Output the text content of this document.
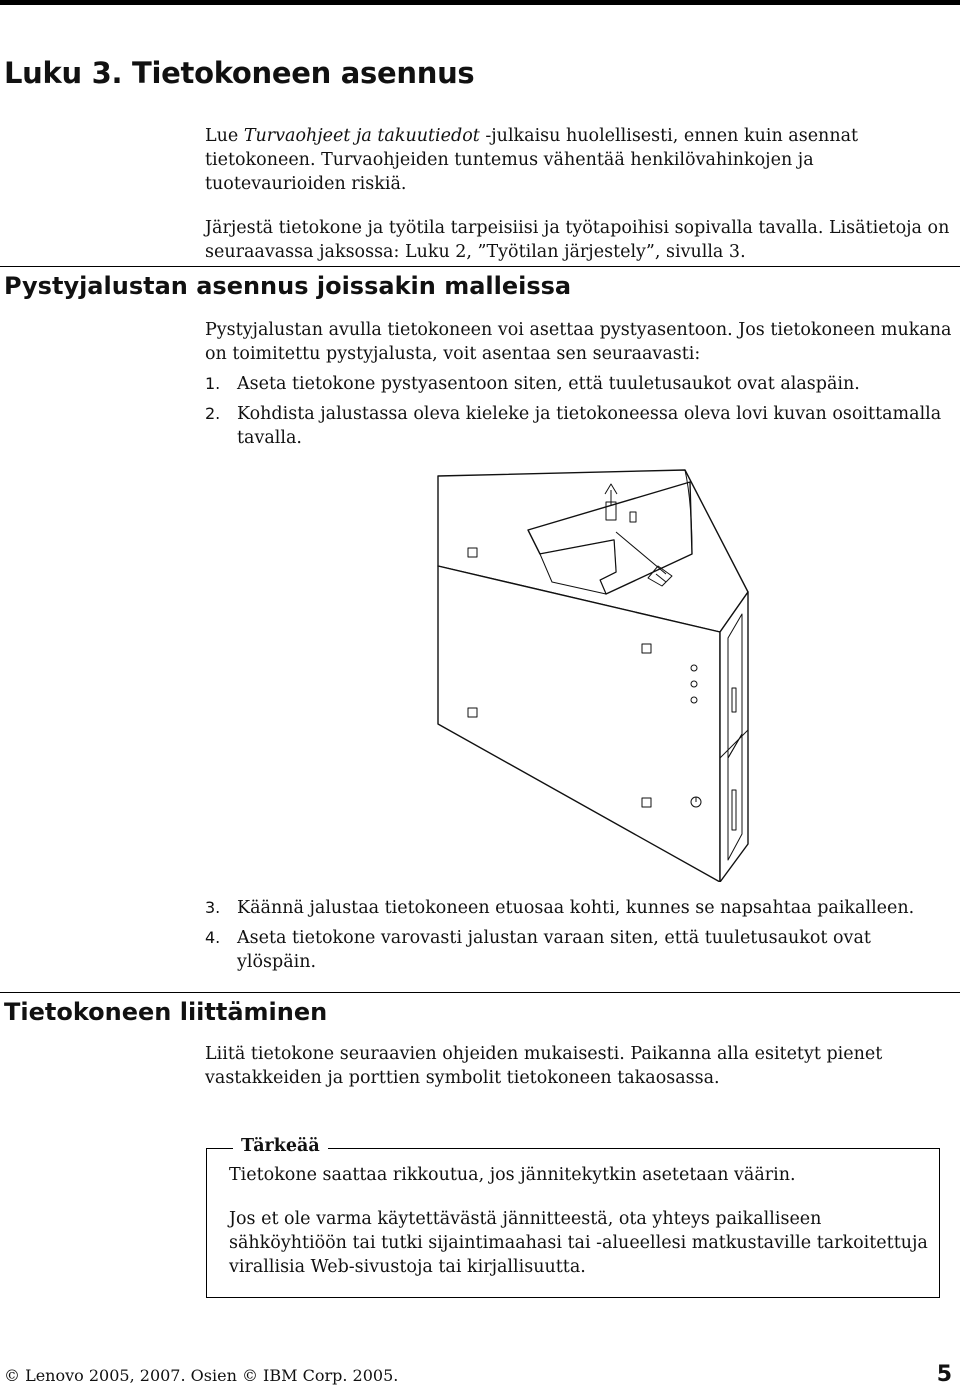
Luku 3. Tietokoneen asennus

Lue Turvaohjeet ja takuutiedot -julkaisu huolellisesti, ennen kuin asennat tietokoneen. Turvaohjeiden tuntemus vähentää henkilövahinkojen ja tuotevaurioiden riskiä.

Järjestä tietokone ja työtila tarpeisiisi ja työtapoihisi sopivalla tavalla. Lisätietoja on seuraavassa jaksossa: Luku 2, ”Työtilan järjestely”, sivulla 3.

Pystyjalustan asennus joissakin malleissa

Pystyjalustan avulla tietokoneen voi asettaa pystyasentoon. Jos tietokoneen mukana on toimitettu pystyjalusta, voit asentaa sen seuraavasti:

1. Aseta tietokone pystyasentoon siten, että tuuletusaukot ovat alaspäin.
2. Kohdista jalustassa oleva kieleke ja tietokoneessa oleva lovi kuvan osoittamalla tavalla.
3. Käännä jalustaa tietokoneen etuosaa kohti, kunnes se napsahtaa paikalleen.
4. Aseta tietokone varovasti jalustan varaan siten, että tuuletusaukot ovat ylöspäin.
Tietokoneen liittäminen

Liitä tietokone seuraavien ohjeiden mukaisesti. Paikanna alla esitetyt pienet vastakkeiden ja porttien symbolit tietokoneen takaosassa.

Tärkeää

Tietokone saattaa rikkoutua, jos jännitekytkin asetetaan väärin.

Jos et ole varma käytettävästä jännitteestä, ota yhteys paikalliseen sähköyhtiöön tai tutki sijaintimaahasi tai -alueellesi matkustaville tarkoitettuja virallisia Web-sivustoja tai kirjallisuutta.

© Lenovo 2005, 2007. Osien © IBM Corp. 2005.	5
